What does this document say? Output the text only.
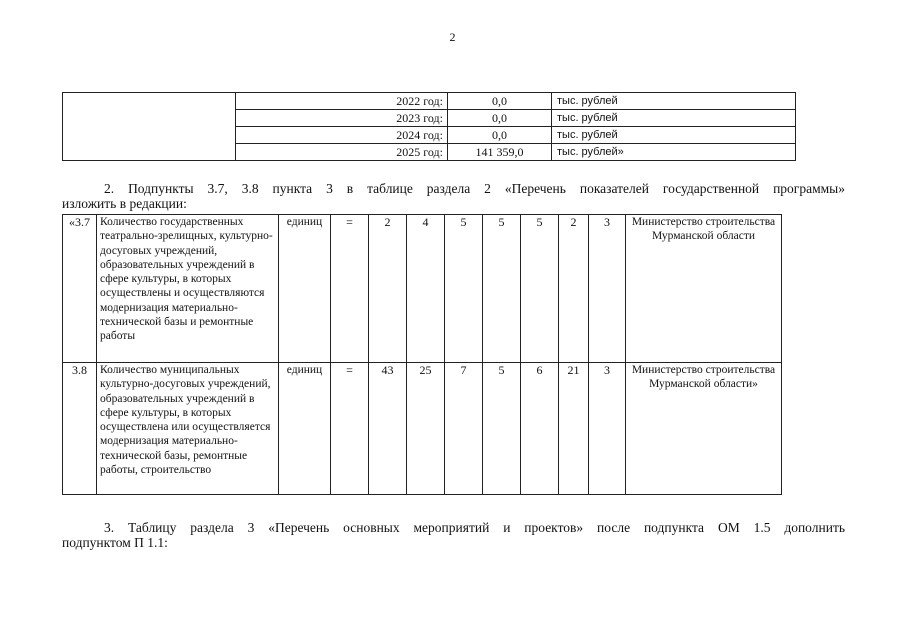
2
	2022 год:	0,0	тыс. рублей
	2023 год:	0,0	тыс. рублей
	2024 год:	0,0	тыс. рублей
	2025 год:	141 359,0	тыс. рублей»
2. Подпункты 3.7, 3.8 пункта 3 в таблице раздела 2 «Перечень показателей государственной программы»
изложить в редакции:
«3.7	Количество государственных театрально-зрелищных, культурно-досуговых учреждений, образовательных учреждений в сфере культуры, в которых осуществлены и осуществляются модернизация материально-технической базы и ремонтные работы	единиц	=	2	4	5	5	5	2	3	Министерство строительства Мурманской области
3.8	Количество муниципальных культурно-досуговых учреждений, образовательных учреждений в сфере культуры, в которых осуществлена или осуществляется модернизация материально-технической базы, ремонтные работы, строительство	единиц	=	43	25	7	5	6	21	3	Министерство строительства Мурманской области»
3. Таблицу раздела 3 «Перечень основных мероприятий и проектов» после подпункта ОМ 1.5 дополнить
подпунктом П 1.1:
